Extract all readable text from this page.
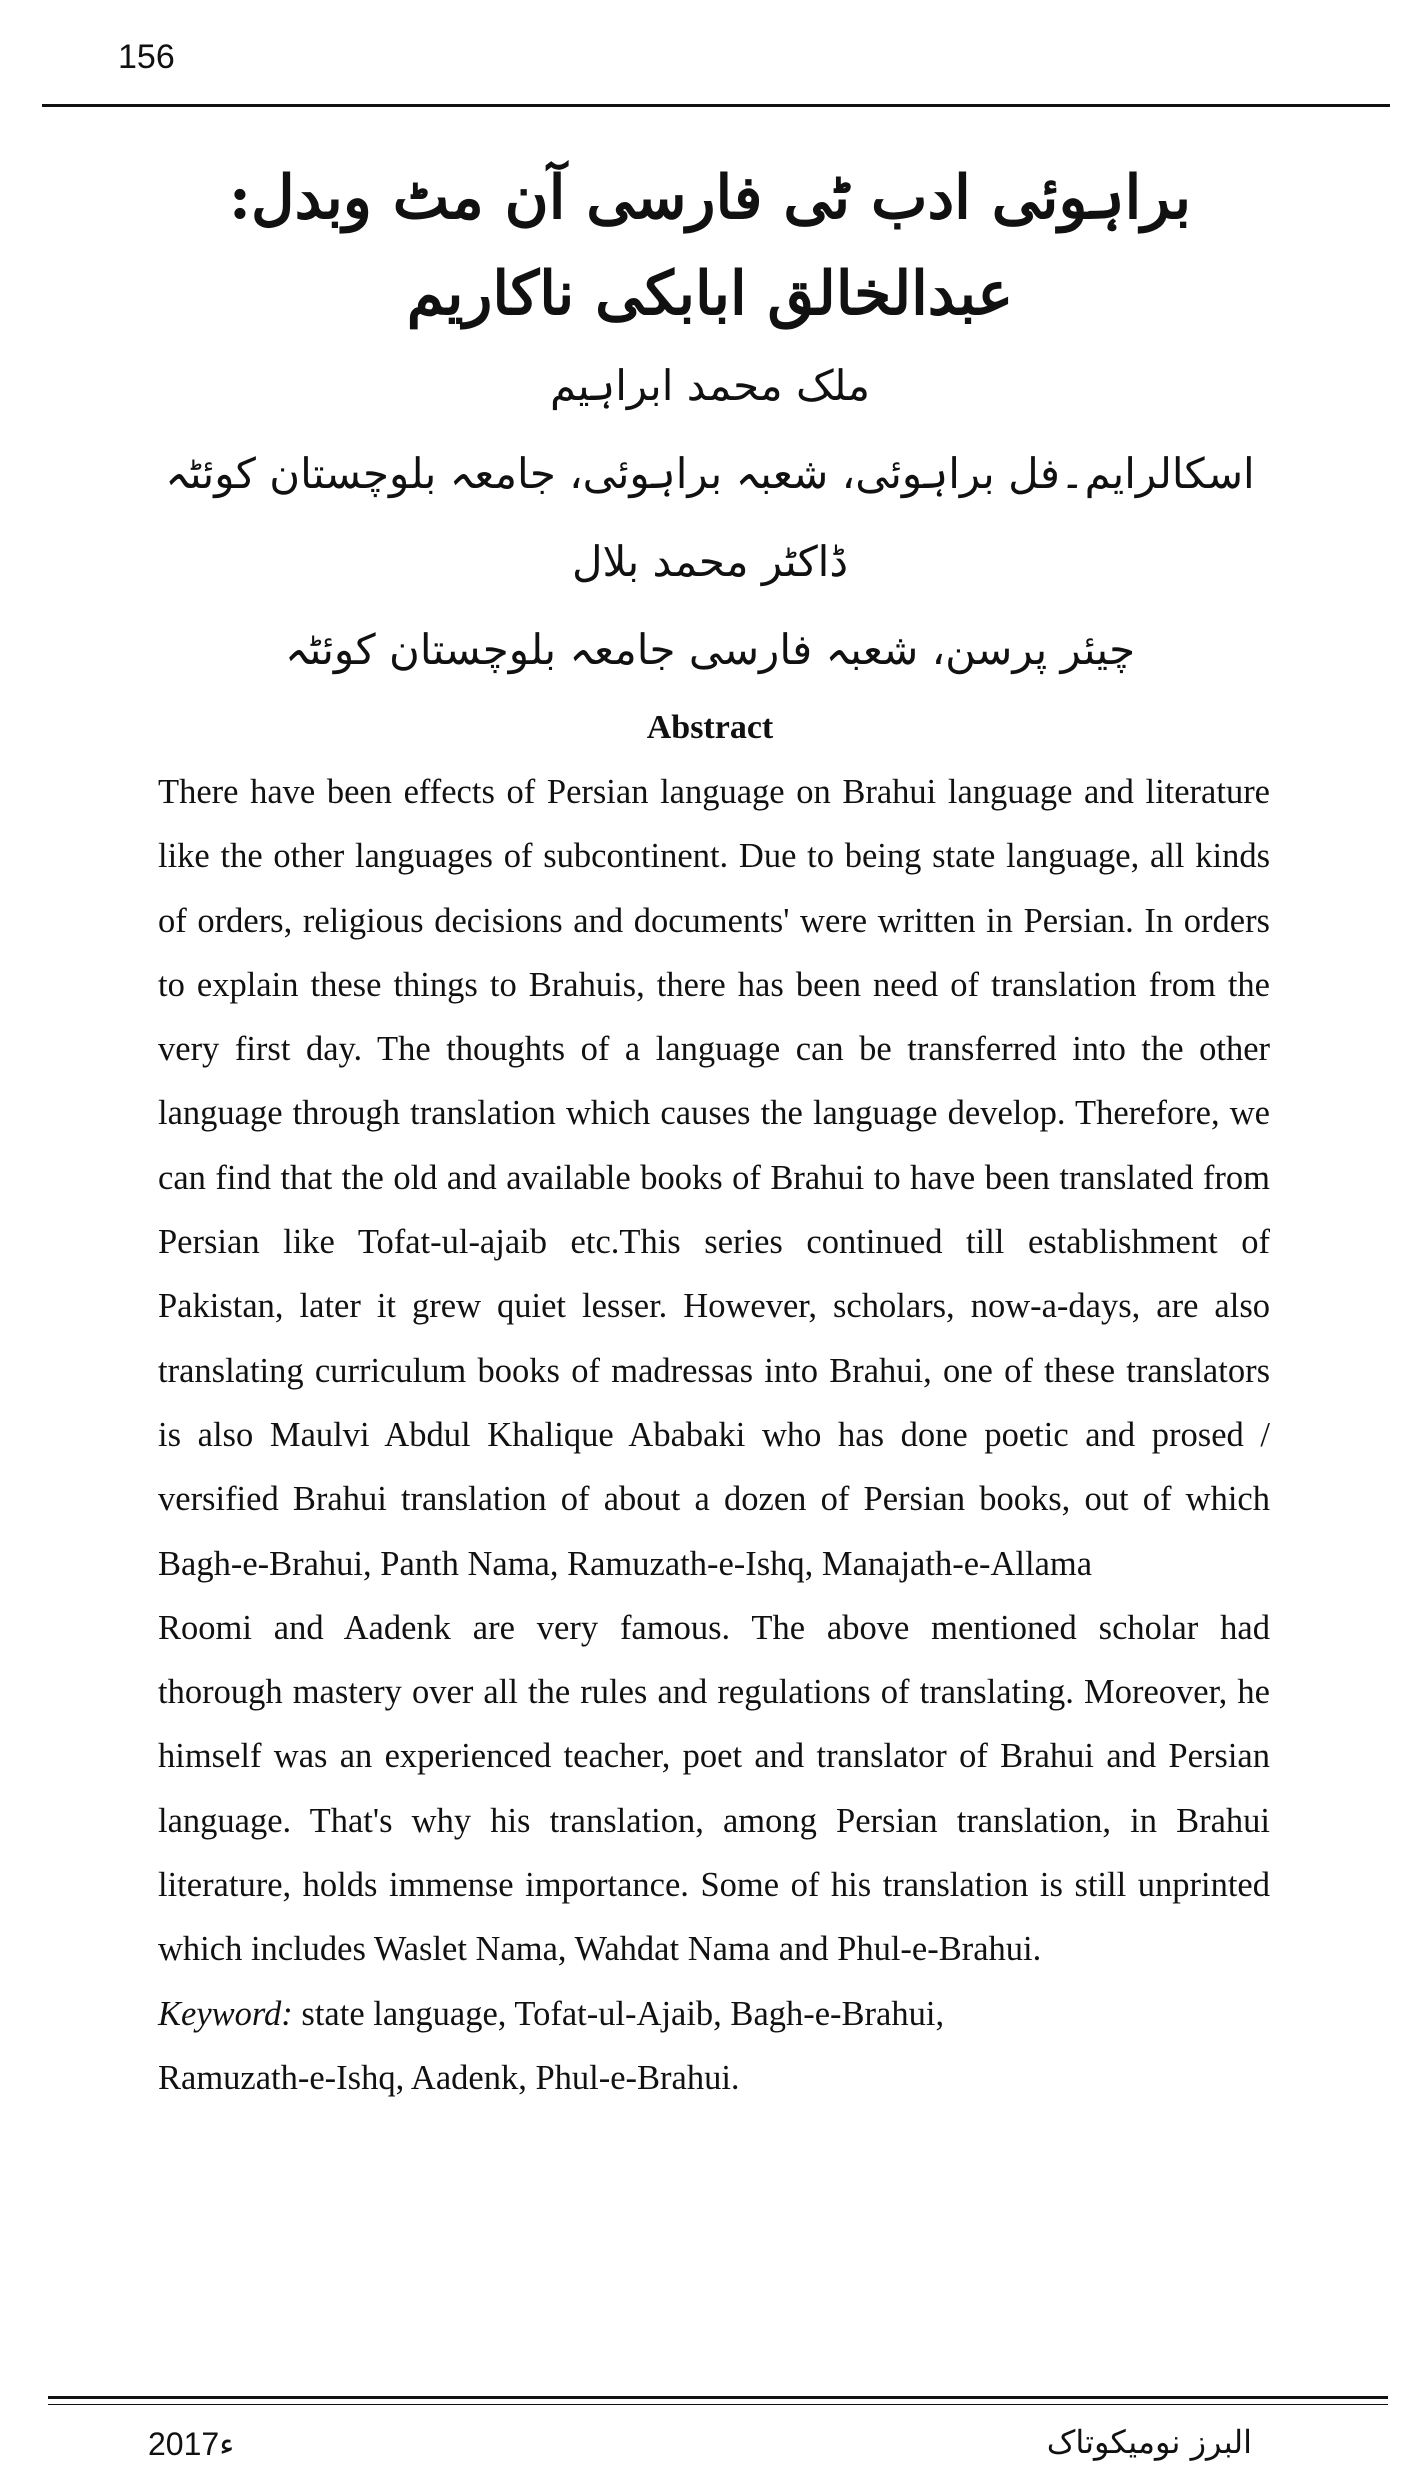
156
براہوئی ادب ٹی فارسی آن مٹ وبدل: عبدالخالق ابابکی ناکاریم
ملک محمد ابراہیم
اسکالرایم۔فل براہوئی، شعبہ براہوئی، جامعہ بلوچستان کوئٹہ
ڈاکٹر محمد بلال
چیئر پرسن، شعبہ فارسی جامعہ بلوچستان کوئٹہ
Abstract

There have been effects of Persian language on Brahui language and literature like the other languages of subcontinent. Due to being state language, all kinds of orders, religious decisions and documents' were written in Persian. In orders to explain these things to Brahuis, there has been need of translation from the very first day. The thoughts of a language can be transferred into the other language through translation which causes the language develop. Therefore, we can find that the old and available books of Brahui to have been translated from Persian like Tofat-ul-ajaib etc.This series continued till establishment of Pakistan, later it grew quiet lesser. However, scholars, now-a-days, are also translating curriculum books of madressas into Brahui, one of these translators is also Maulvi Abdul Khalique Ababaki who has done poetic and prosed / versified Brahui translation of about a dozen of Persian books, out of which Bagh-e-Brahui, Panth Nama, Ramuzath-e-Ishq, Manajath-e-Allama

Roomi and Aadenk are very famous. The above mentioned scholar had thorough mastery over all the rules and regulations of translating. Moreover, he himself was an experienced teacher, poet and translator of Brahui and Persian language. That's why his translation, among Persian translation, in Brahui literature, holds immense importance. Some of his translation is still unprinted which includes Waslet Nama, Wahdat Nama and Phul-e-Brahui.

Keyword: state language, Tofat-ul-Ajaib, Bagh-e-Brahui,

Ramuzath-e-Ishq, Aadenk, Phul-e-Brahui.

2017ء	البرز نومیکوتاک
